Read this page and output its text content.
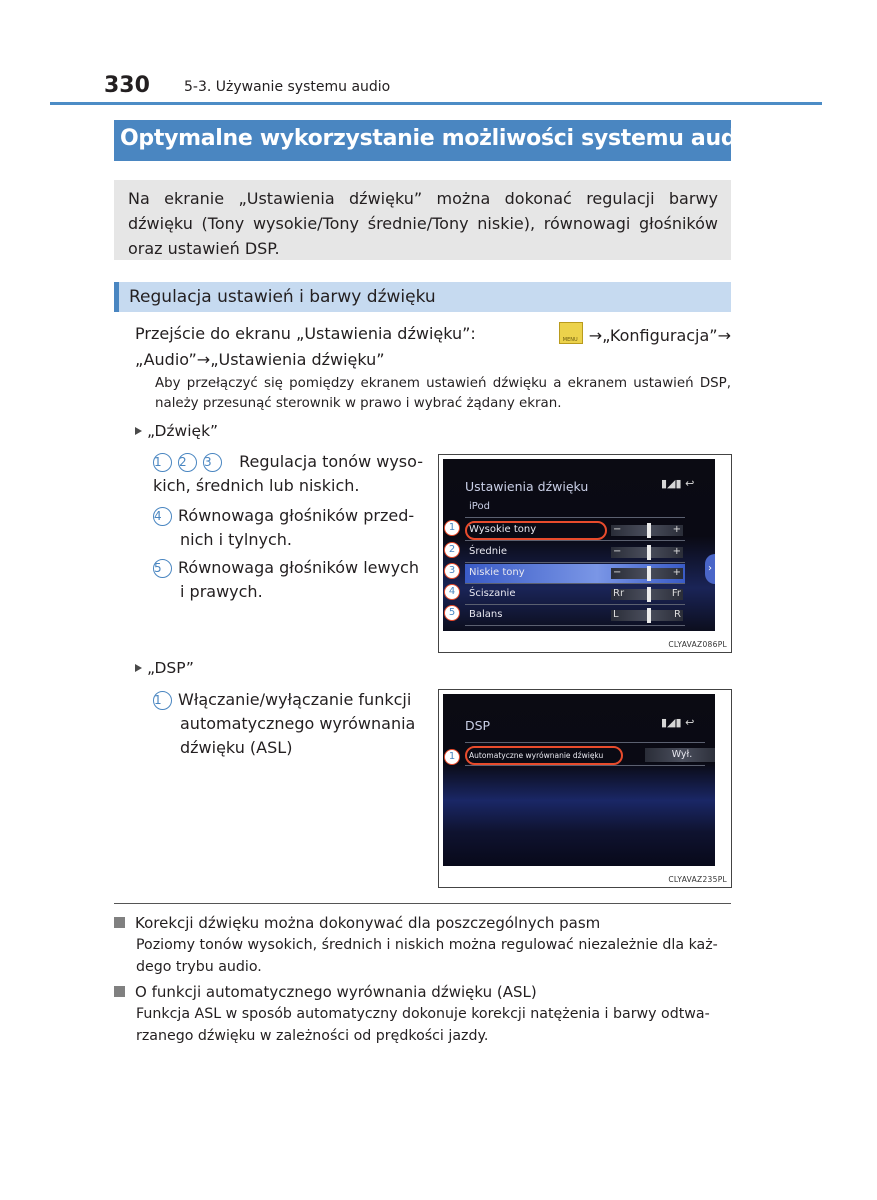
330 5-3. Używanie systemu audio
Optymalne wykorzystanie możliwości systemu audio

Na ekranie „Ustawienia dźwięku” można dokonać regulacji barwy dźwięku (Tony wysokie/Tony średnie/Tony niskie), równowagi głośników oraz ustawień DSP.

Regulacja ustawień i barwy dźwięku
Przejście do ekranu „Ustawienia dźwięku”:	MENU →„Konfiguracja”→
„Audio”→„Ustawienia dźwięku”
Aby przełączyć się pomiędzy ekranem ustawień dźwięku a ekranem ustawień DSP, należy przesunąć sterownik w prawo i wybrać żądany ekran.
„Dźwięk”
1 2 3	Regulacja tonów wyso-
kich, średnich lub niskich.
4 Równowaga głośników przed-
nich i tylnych.
5 Równowaga głośników lewych
i prawych.
Ustawienia dźwięku	▮◢▮ ↩
iPod
Wysokie tony	−	+
Średnie	−	+
Niskie tony	−	+
Ściszanie	Rr	Fr
Balans	L	R
›
1
2
3
4
5
CLYAVAZ086PL
„DSP”
1 Włączanie/wyłączanie funkcji
automatycznego wyrównania
dźwięku (ASL)
DSP	▮◢▮ ↩
Automatyczne wyrównanie dźwięku	Wył.
1
CLYAVAZ235PL
Korekcji dźwięku można dokonywać dla poszczególnych pasm
Poziomy tonów wysokich, średnich i niskich można regulować niezależnie dla każ-
dego trybu audio.
O funkcji automatycznego wyrównania dźwięku (ASL)
Funkcja ASL w sposób automatyczny dokonuje korekcji natężenia i barwy odtwa-
rzanego dźwięku w zależności od prędkości jazdy.
